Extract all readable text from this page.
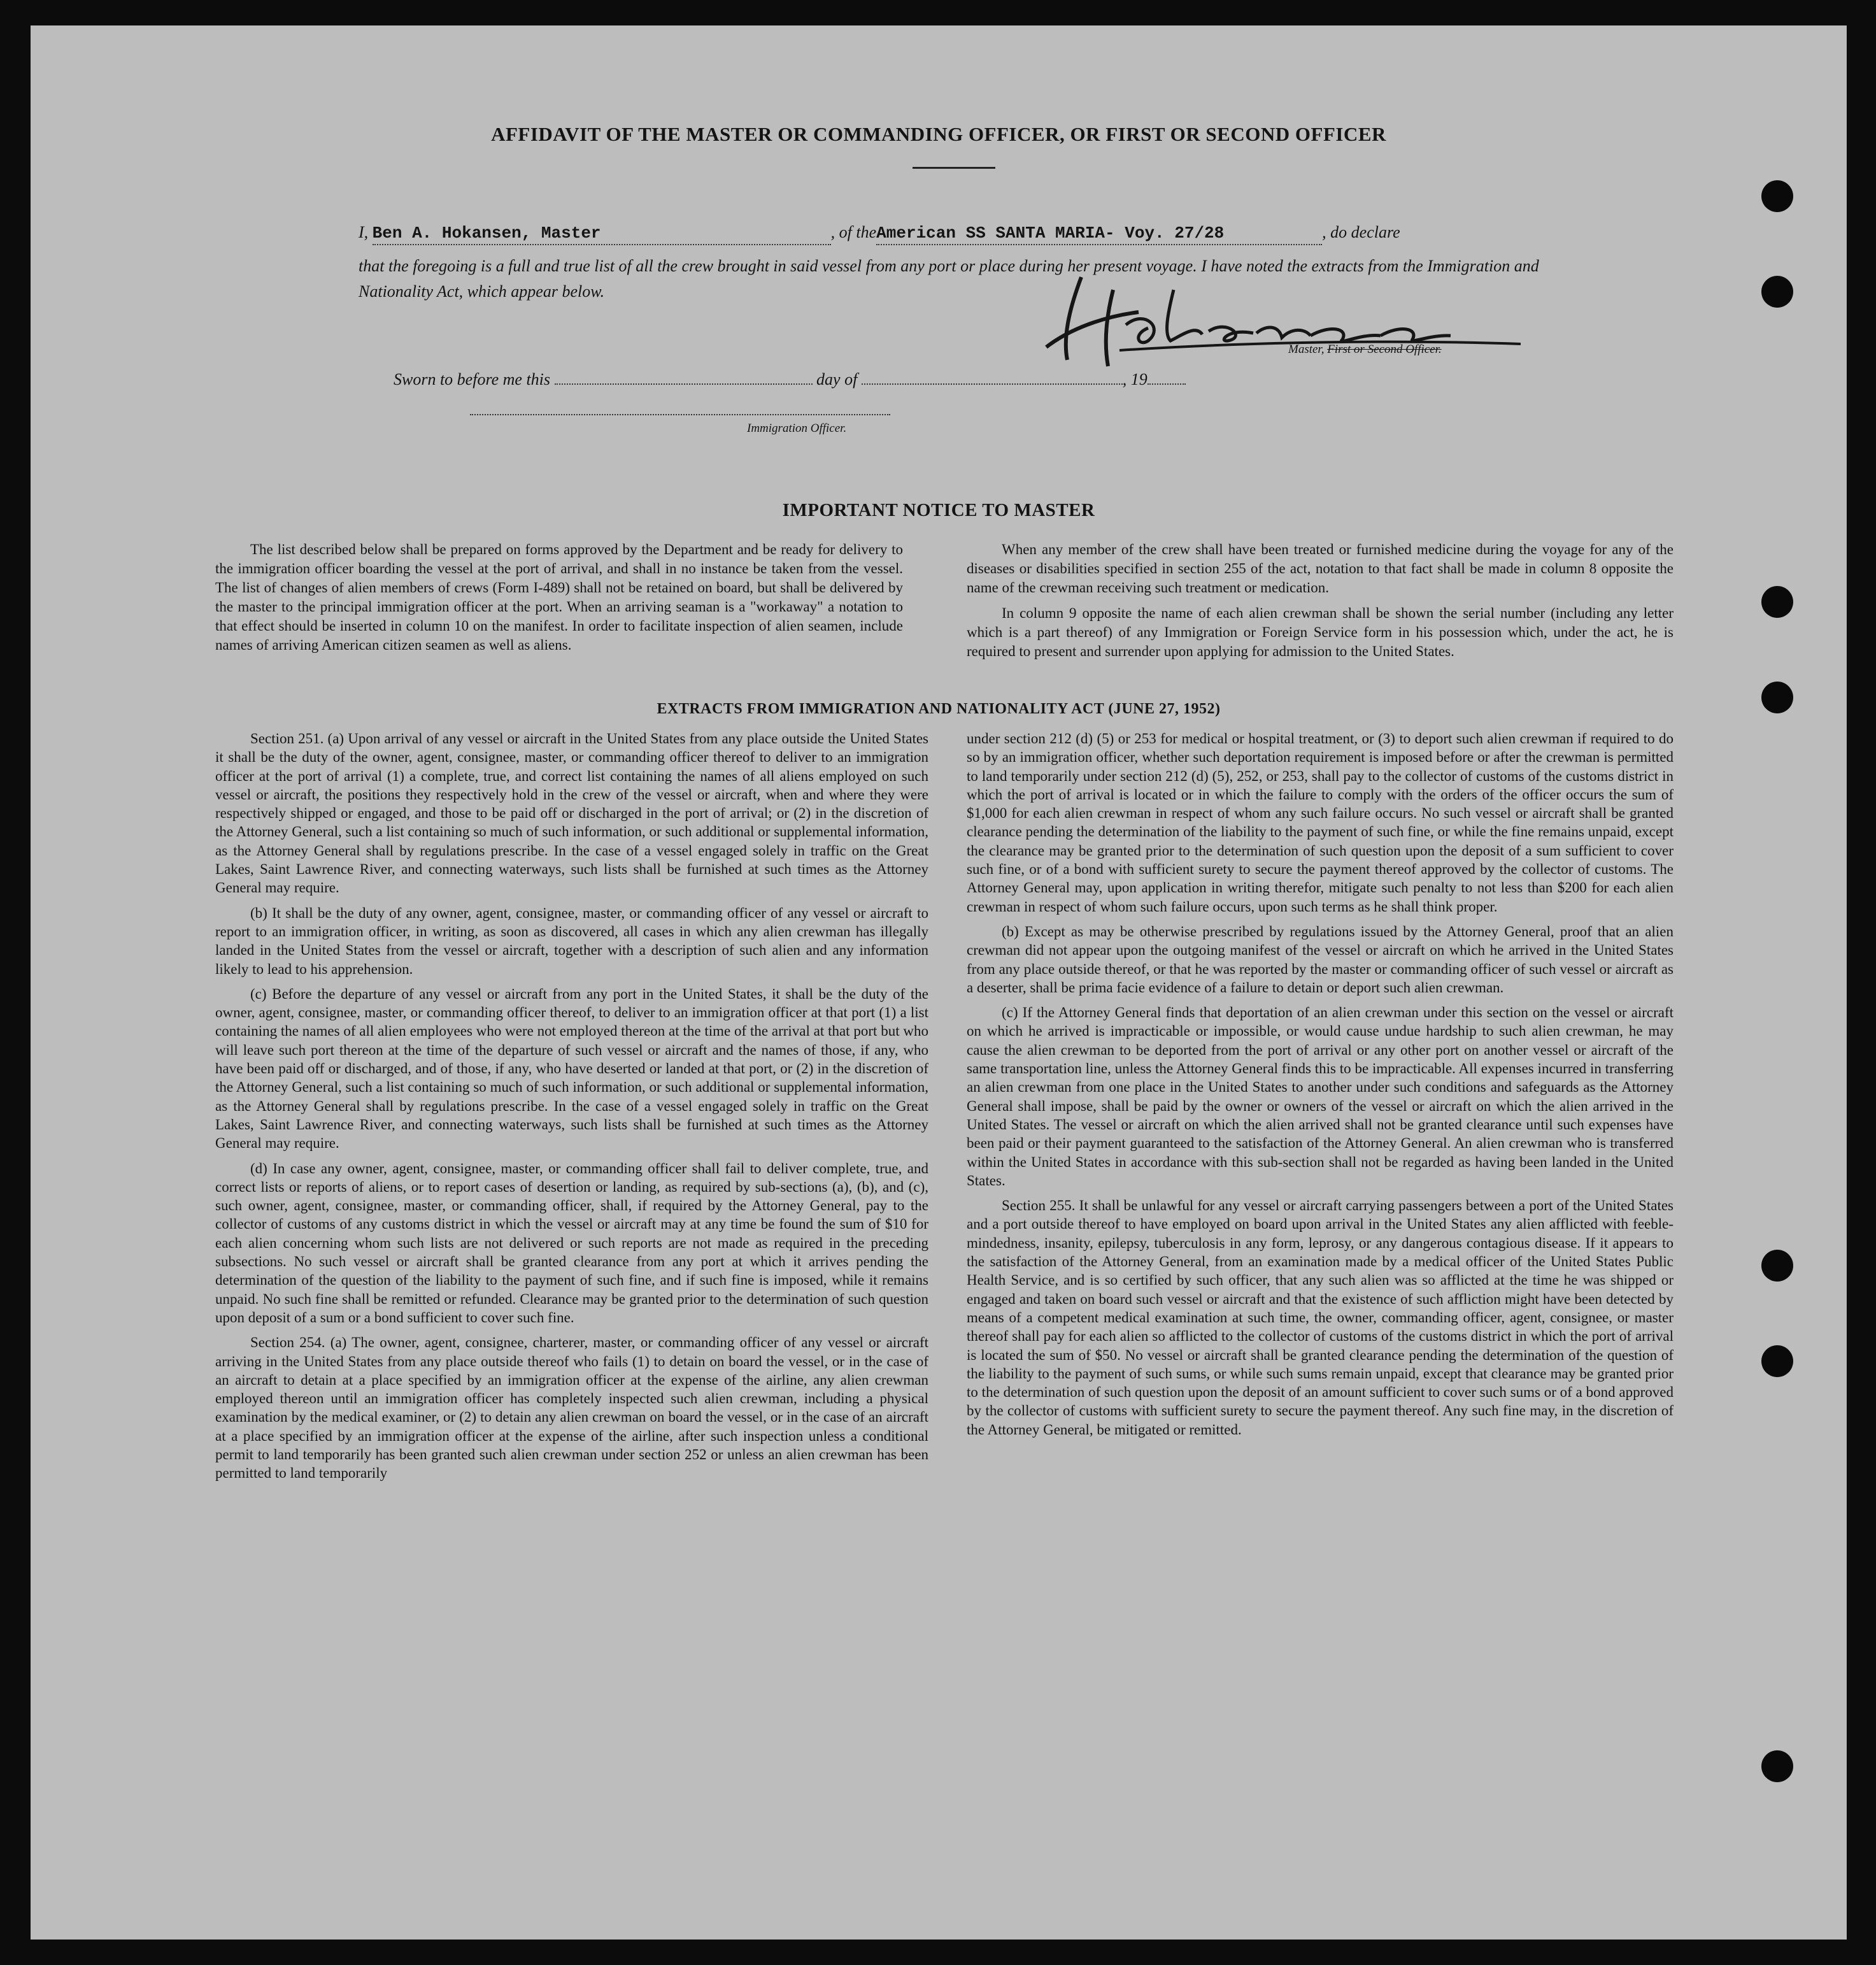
AFFIDAVIT OF THE MASTER OR COMMANDING OFFICER, OR FIRST OR SECOND OFFICER
I, Ben A. Hokansen, Master	, of theAmerican SS SANTA MARIA- Voy. 27/28	, do declare
that the foregoing is a full and true list of all the crew brought in said vessel from any port or place during her present voyage. I have noted the extracts from the Immigration and Nationality Act, which appear below.
Master, First or Second Officer.
Sworn to before me this	day of	, 19
Immigration Officer.
IMPORTANT NOTICE TO MASTER

The list described below shall be prepared on forms approved by the Department and be ready for delivery to the immigration officer boarding the vessel at the port of arrival, and shall in no instance be taken from the vessel. The list of changes of alien members of crews (Form I-489) shall not be retained on board, but shall be delivered by the master to the principal immigration officer at the port. When an arriving seaman is a "workaway" a notation to that effect should be inserted in column 10 on the manifest. In order to facilitate inspection of alien seamen, include names of arriving American citizen seamen as well as aliens.

When any member of the crew shall have been treated or furnished medicine during the voyage for any of the diseases or disabilities specified in section 255 of the act, notation to that fact shall be made in column 8 opposite the name of the crewman receiving such treatment or medication.

In column 9 opposite the name of each alien crewman shall be shown the serial number (including any letter which is a part thereof) of any Immigration or Foreign Service form in his possession which, under the act, he is required to present and surrender upon applying for admission to the United States.

EXTRACTS FROM IMMIGRATION AND NATIONALITY ACT (JUNE 27, 1952)

Section 251. (a) Upon arrival of any vessel or aircraft in the United States from any place outside the United States it shall be the duty of the owner, agent, consignee, master, or commanding officer thereof to deliver to an immigration officer at the port of arrival (1) a complete, true, and correct list containing the names of all aliens employed on such vessel or aircraft, the positions they respectively hold in the crew of the vessel or aircraft, when and where they were respectively shipped or engaged, and those to be paid off or discharged in the port of arrival; or (2) in the discretion of the Attorney General, such a list containing so much of such information, or such additional or supplemental information, as the Attorney General shall by regulations prescribe. In the case of a vessel engaged solely in traffic on the Great Lakes, Saint Lawrence River, and connecting waterways, such lists shall be furnished at such times as the Attorney General may require.

(b) It shall be the duty of any owner, agent, consignee, master, or commanding officer of any vessel or aircraft to report to an immigration officer, in writing, as soon as discovered, all cases in which any alien crewman has illegally landed in the United States from the vessel or aircraft, together with a description of such alien and any information likely to lead to his apprehension.

(c) Before the departure of any vessel or aircraft from any port in the United States, it shall be the duty of the owner, agent, consignee, master, or commanding officer thereof, to deliver to an immigration officer at that port (1) a list containing the names of all alien employees who were not employed thereon at the time of the arrival at that port but who will leave such port thereon at the time of the departure of such vessel or aircraft and the names of those, if any, who have been paid off or discharged, and of those, if any, who have deserted or landed at that port, or (2) in the discretion of the Attorney General, such a list containing so much of such information, or such additional or supplemental information, as the Attorney General shall by regulations prescribe. In the case of a vessel engaged solely in traffic on the Great Lakes, Saint Lawrence River, and connecting waterways, such lists shall be furnished at such times as the Attorney General may require.

(d) In case any owner, agent, consignee, master, or commanding officer shall fail to deliver complete, true, and correct lists or reports of aliens, or to report cases of desertion or landing, as required by sub-sections (a), (b), and (c), such owner, agent, consignee, master, or commanding officer, shall, if required by the Attorney General, pay to the collector of customs of any customs district in which the vessel or aircraft may at any time be found the sum of $10 for each alien concerning whom such lists are not delivered or such reports are not made as required in the preceding subsections. No such vessel or aircraft shall be granted clearance from any port at which it arrives pending the determination of the question of the liability to the payment of such fine, and if such fine is imposed, while it remains unpaid. No such fine shall be remitted or refunded. Clearance may be granted prior to the determination of such question upon deposit of a sum or a bond sufficient to cover such fine.

Section 254. (a) The owner, agent, consignee, charterer, master, or commanding officer of any vessel or aircraft arriving in the United States from any place outside thereof who fails (1) to detain on board the vessel, or in the case of an aircraft to detain at a place specified by an immigration officer at the expense of the airline, any alien crewman employed thereon until an immigration officer has completely inspected such alien crewman, including a physical examination by the medical examiner, or (2) to detain any alien crewman on board the vessel, or in the case of an aircraft at a place specified by an immigration officer at the expense of the airline, after such inspection unless a conditional permit to land temporarily has been granted such alien crewman under section 252 or unless an alien crewman has been permitted to land temporarily

under section 212 (d) (5) or 253 for medical or hospital treatment, or (3) to deport such alien crewman if required to do so by an immigration officer, whether such deportation requirement is imposed before or after the crewman is permitted to land temporarily under section 212 (d) (5), 252, or 253, shall pay to the collector of customs of the customs district in which the port of arrival is located or in which the failure to comply with the orders of the officer occurs the sum of $1,000 for each alien crewman in respect of whom any such failure occurs. No such vessel or aircraft shall be granted clearance pending the determination of the liability to the payment of such fine, or while the fine remains unpaid, except the clearance may be granted prior to the determination of such question upon the deposit of a sum sufficient to cover such fine, or of a bond with sufficient surety to secure the payment thereof approved by the collector of customs. The Attorney General may, upon application in writing therefor, mitigate such penalty to not less than $200 for each alien crewman in respect of whom such failure occurs, upon such terms as he shall think proper.

(b) Except as may be otherwise prescribed by regulations issued by the Attorney General, proof that an alien crewman did not appear upon the outgoing manifest of the vessel or aircraft on which he arrived in the United States from any place outside thereof, or that he was reported by the master or commanding officer of such vessel or aircraft as a deserter, shall be prima facie evidence of a failure to detain or deport such alien crewman.

(c) If the Attorney General finds that deportation of an alien crewman under this section on the vessel or aircraft on which he arrived is impracticable or impossible, or would cause undue hardship to such alien crewman, he may cause the alien crewman to be deported from the port of arrival or any other port on another vessel or aircraft of the same transportation line, unless the Attorney General finds this to be impracticable. All expenses incurred in transferring an alien crewman from one place in the United States to another under such conditions and safeguards as the Attorney General shall impose, shall be paid by the owner or owners of the vessel or aircraft on which the alien arrived in the United States. The vessel or aircraft on which the alien arrived shall not be granted clearance until such expenses have been paid or their payment guaranteed to the satisfaction of the Attorney General. An alien crewman who is transferred within the United States in accordance with this sub-section shall not be regarded as having been landed in the United States.

Section 255. It shall be unlawful for any vessel or aircraft carrying passengers between a port of the United States and a port outside thereof to have employed on board upon arrival in the United States any alien afflicted with feeble-mindedness, insanity, epilepsy, tuberculosis in any form, leprosy, or any dangerous contagious disease. If it appears to the satisfaction of the Attorney General, from an examination made by a medical officer of the United States Public Health Service, and is so certified by such officer, that any such alien was so afflicted at the time he was shipped or engaged and taken on board such vessel or aircraft and that the existence of such affliction might have been detected by means of a competent medical examination at such time, the owner, commanding officer, agent, consignee, or master thereof shall pay for each alien so afflicted to the collector of customs of the customs district in which the port of arrival is located the sum of $50. No vessel or aircraft shall be granted clearance pending the determination of the question of the liability to the payment of such sums, or while such sums remain unpaid, except that clearance may be granted prior to the determination of such question upon the deposit of an amount sufficient to cover such sums or of a bond approved by the collector of customs with sufficient surety to secure the payment thereof. Any such fine may, in the discretion of the Attorney General, be mitigated or remitted.
